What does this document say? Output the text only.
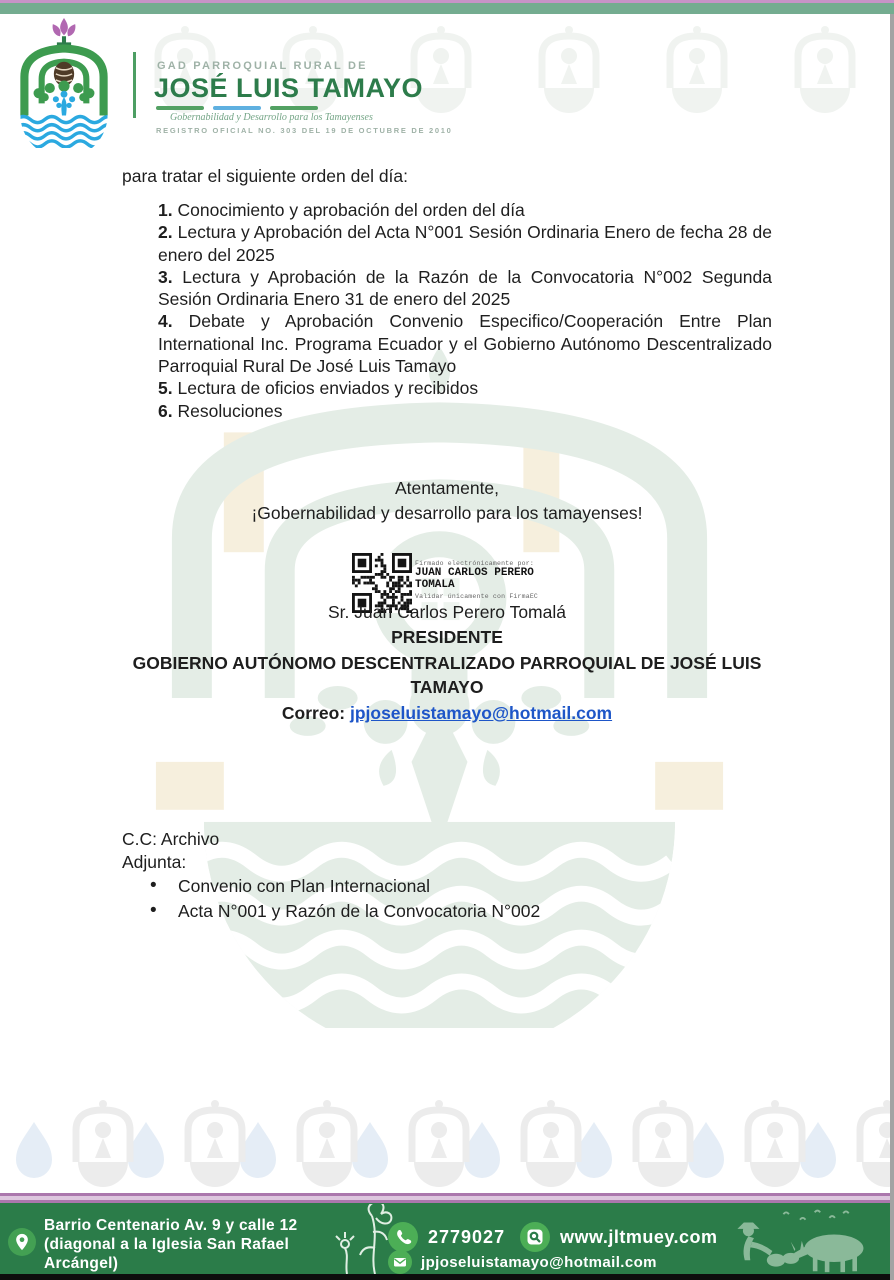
GAD PARROQUIAL RURAL DE
JOSÉ LUIS TAMAYO
Gobernabilidad y Desarrollo para los Tamayenses
REGISTRO OFICIAL NO. 303 DEL 19 DE OCTUBRE DE 2010
para tratar el siguiente orden del día:

1. Conocimiento y aprobación del orden del día

2. Lectura y Aprobación del Acta N°001 Sesión Ordinaria Enero de fecha 28 de enero del 2025

3. Lectura y Aprobación de la Razón de la Convocatoria N°002 Segunda Sesión Ordinaria Enero 31 de enero del 2025

4. Debate y Aprobación Convenio Especifico/Cooperación Entre Plan International Inc. Programa Ecuador y el Gobierno Autónomo Descentralizado Parroquial Rural De José Luis Tamayo

5. Lectura de oficios enviados y recibidos

6. Resoluciones

Atentamente,
¡Gobernabilidad y desarrollo para los tamayenses!
Firmado electrónicamente por:
JUAN CARLOS PERERO TOMALA
Validar únicamente con FirmaEC
Sr. Juan Carlos Perero Tomalá
PRESIDENTE
GOBIERNO AUTÓNOMO DESCENTRALIZADO PARROQUIAL DE JOSÉ LUIS TAMAYO
Correo: jpjoseluistamayo@hotmail.com
C.C: Archivo
Adjunta:
• Convenio con Plan Internacional
• Acta N°001 y Razón de la Convocatoria N°002
Barrio Centenario Av. 9 y calle 12
(diagonal a la Iglesia San Rafael
Arcángel)
2779027	www.jltmuey.com
jpjoseluistamayo@hotmail.com
